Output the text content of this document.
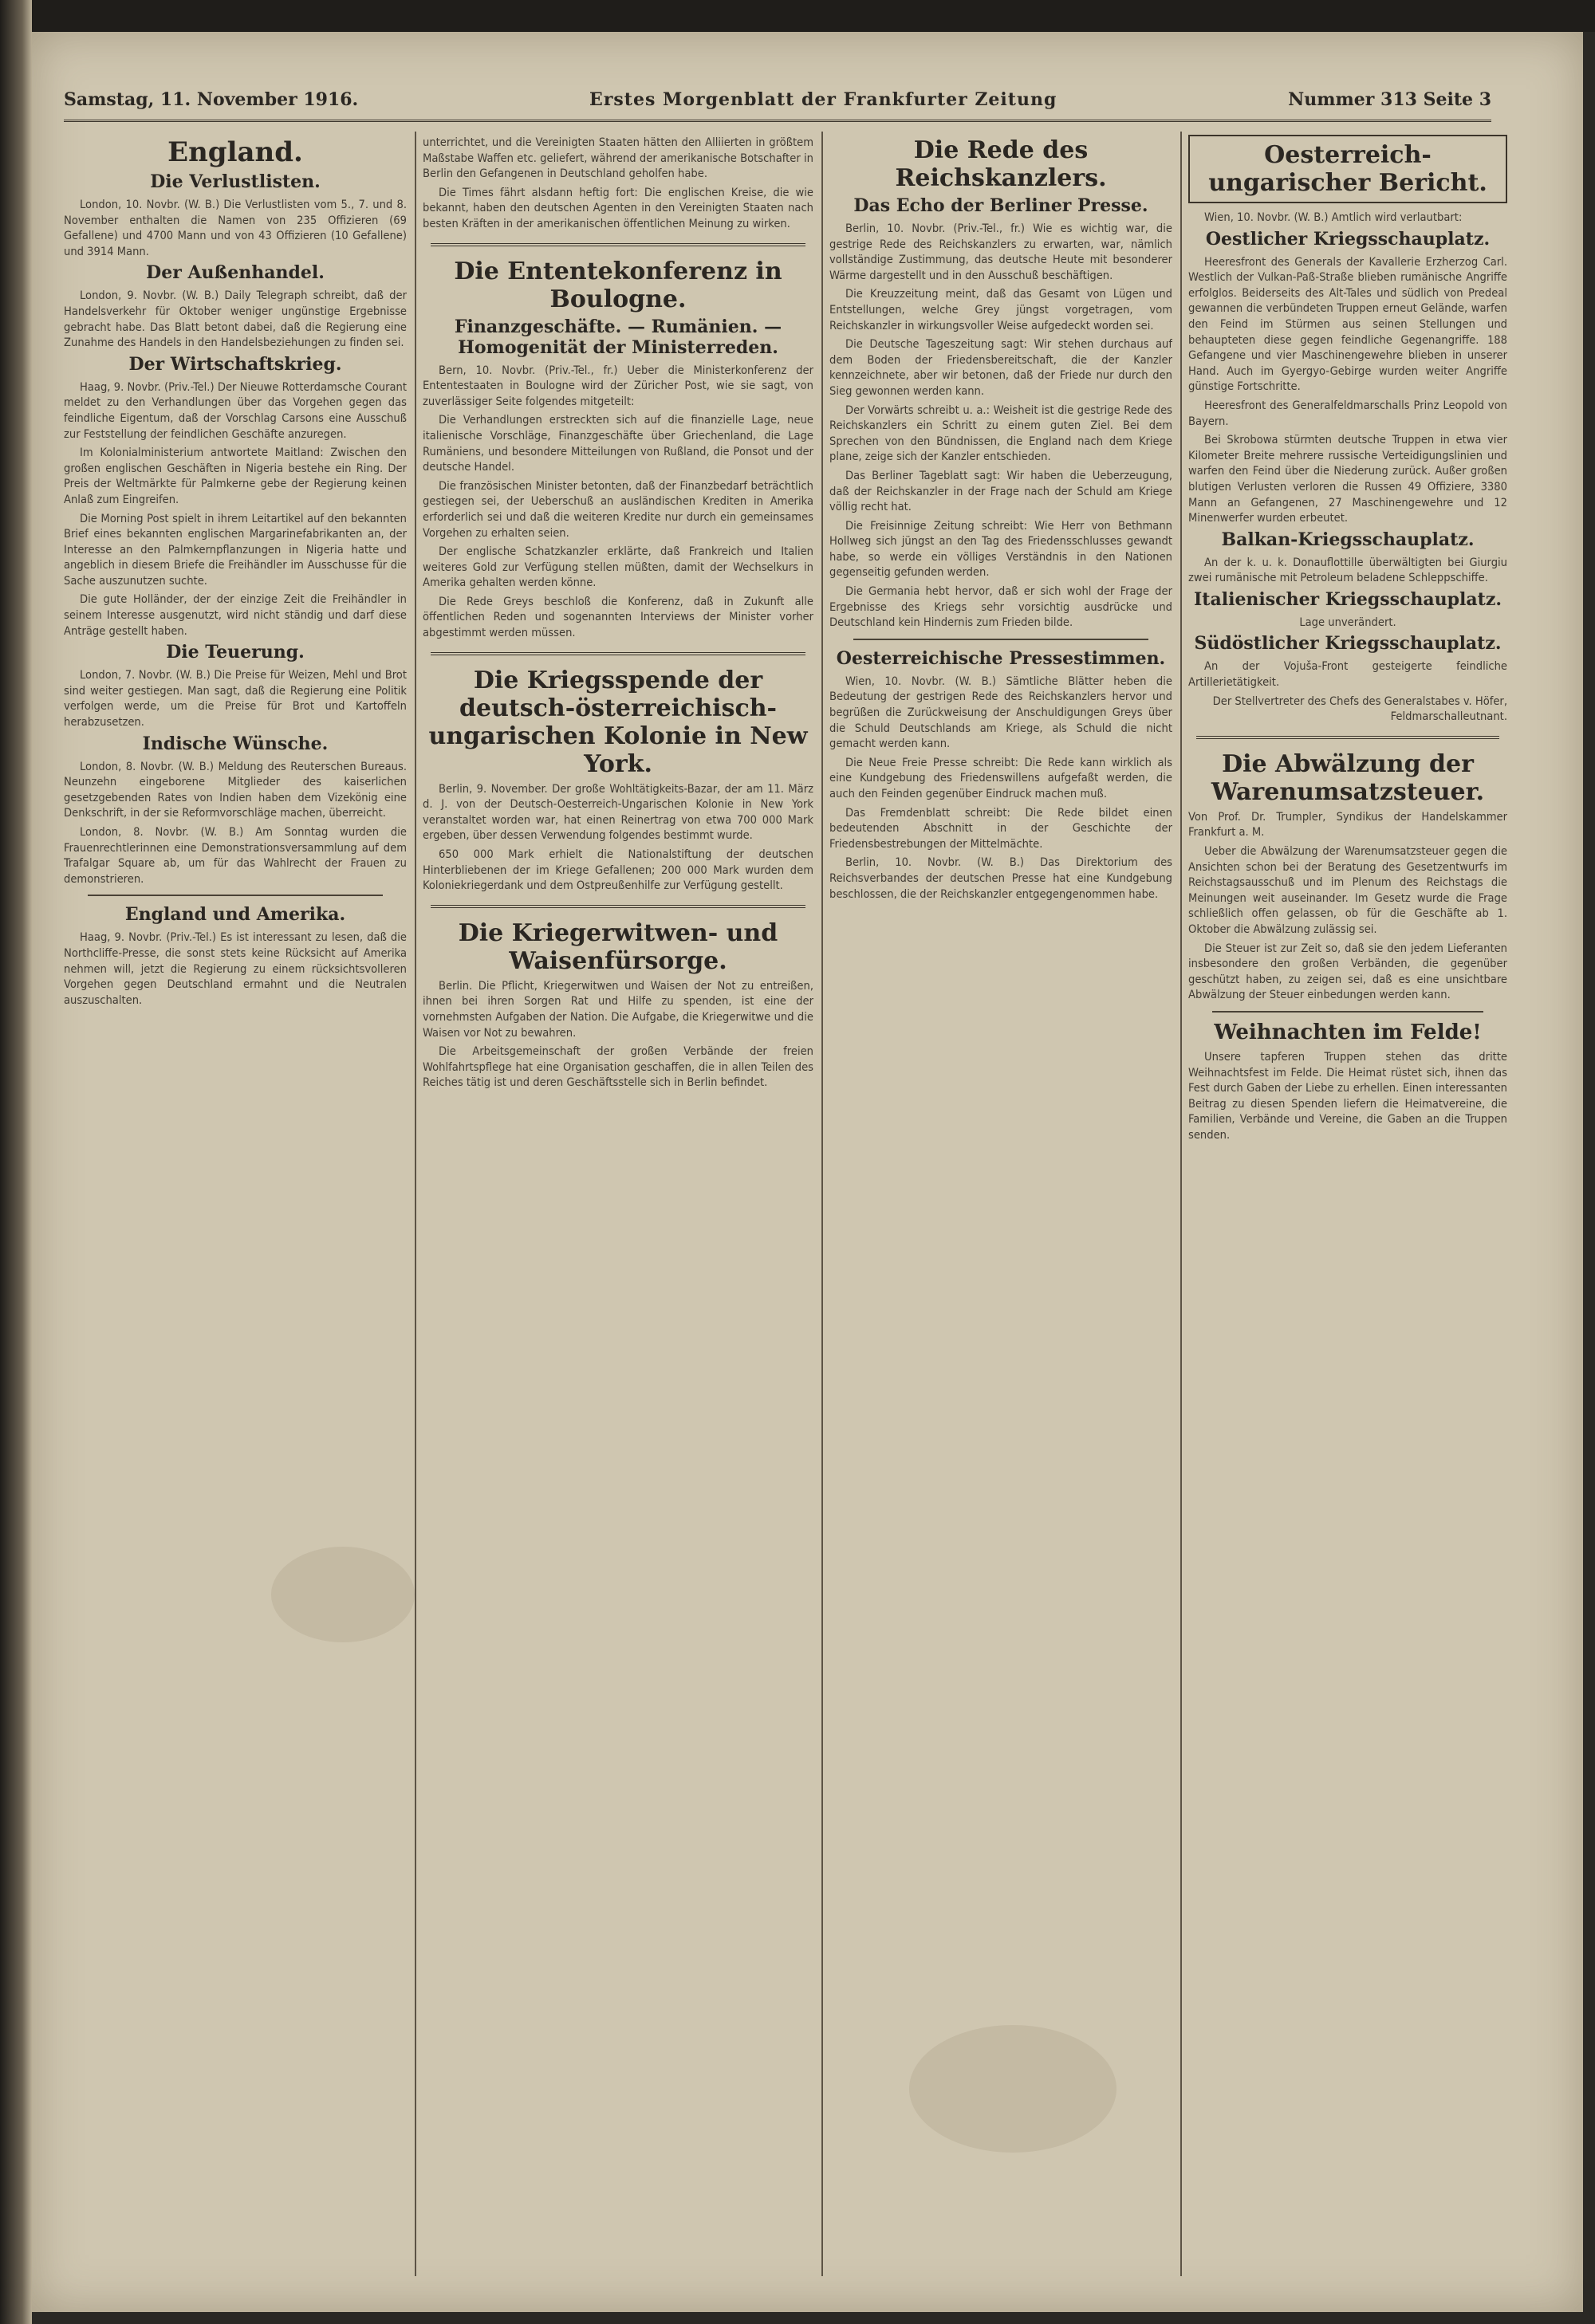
Samstag, 11. November 1916.	Erstes Morgenblatt der Frankfurter Zeitung	Nummer 313 Seite 3
England.
Die Verlustlisten.

London, 10. Novbr. (W. B.) Die Verlustlisten vom 5., 7. und 8. November enthalten die Namen von 235 Offizieren (69 Gefallene) und 4700 Mann und von 43 Offizieren (10 Gefallene) und 3914 Mann.

Der Außenhandel.

London, 9. Novbr. (W. B.) Daily Telegraph schreibt, daß der Handelsverkehr für Oktober weniger ungünstige Ergebnisse gebracht habe. Das Blatt betont dabei, daß die Regierung eine Zunahme des Handels in den Handelsbeziehungen zu finden sei.

Der Wirtschaftskrieg.

Haag, 9. Novbr. (Priv.-Tel.) Der Nieuwe Rotterdamsche Courant meldet zu den Verhandlungen über das Vorgehen gegen das feindliche Eigentum, daß der Vorschlag Carsons eine Ausschuß zur Feststellung der feindlichen Geschäfte anzuregen.

Im Kolonialministerium antwortete Maitland: Zwischen den großen englischen Geschäften in Nigeria bestehe ein Ring. Der Preis der Weltmärkte für Palmkerne gebe der Regierung keinen Anlaß zum Eingreifen.

Die Morning Post spielt in ihrem Leitartikel auf den bekannten Brief eines bekannten englischen Margarinefabrikanten an, der Interesse an den Palmkernpflanzungen in Nigeria hatte und angeblich in diesem Briefe die Freihändler im Ausschusse für die Sache auszunutzen suchte.

Die gute Holländer, der der einzige Zeit die Freihändler in seinem Interesse ausgenutzt, wird nicht ständig und darf diese Anträge gestellt haben.

Die Teuerung.

London, 7. Novbr. (W. B.) Die Preise für Weizen, Mehl und Brot sind weiter gestiegen. Man sagt, daß die Regierung eine Politik verfolgen werde, um die Preise für Brot und Kartoffeln herabzusetzen.

Indische Wünsche.

London, 8. Novbr. (W. B.) Meldung des Reuterschen Bureaus. Neunzehn eingeborene Mitglieder des kaiserlichen gesetzgebenden Rates von Indien haben dem Vizekönig eine Denkschrift, in der sie Reformvorschläge machen, überreicht.

London, 8. Novbr. (W. B.) Am Sonntag wurden die Frauenrechtlerinnen eine Demonstrationsversammlung auf dem Trafalgar Square ab, um für das Wahlrecht der Frauen zu demonstrieren.

England und Amerika.

Haag, 9. Novbr. (Priv.-Tel.) Es ist interessant zu lesen, daß die Northcliffe-Presse, die sonst stets keine Rücksicht auf Amerika nehmen will, jetzt die Regierung zu einem rücksichtsvolleren Vorgehen gegen Deutschland ermahnt und die Neutralen auszuschalten.

unterrichtet, und die Vereinigten Staaten hätten den Alliierten in größtem Maßstabe Waffen etc. geliefert, während der amerikanische Botschafter in Berlin den Gefangenen in Deutschland geholfen habe.

Die Times fährt alsdann heftig fort: Die englischen Kreise, die wie bekannt, haben den deutschen Agenten in den Vereinigten Staaten nach besten Kräften in der amerikanischen öffentlichen Meinung zu wirken.

Die Ententekonferenz in Boulogne.
Finanzgeschäfte. — Rumänien. — Homogenität der Ministerreden.

Bern, 10. Novbr. (Priv.-Tel., fr.) Ueber die Ministerkonferenz der Ententestaaten in Boulogne wird der Züricher Post, wie sie sagt, von zuverlässiger Seite folgendes mitgeteilt:

Die Verhandlungen erstreckten sich auf die finanzielle Lage, neue italienische Vorschläge, Finanzgeschäfte über Griechenland, die Lage Rumäniens, und besondere Mitteilungen von Rußland, die Ponsot und der deutsche Handel.

Die französischen Minister betonten, daß der Finanzbedarf beträchtlich gestiegen sei, der Ueberschuß an ausländischen Krediten in Amerika erforderlich sei und daß die weiteren Kredite nur durch ein gemeinsames Vorgehen zu erhalten seien.

Der englische Schatzkanzler erklärte, daß Frankreich und Italien weiteres Gold zur Verfügung stellen müßten, damit der Wechselkurs in Amerika gehalten werden könne.

Die Rede Greys beschloß die Konferenz, daß in Zukunft alle öffentlichen Reden und sogenannten Interviews der Minister vorher abgestimmt werden müssen.

Die Kriegsspende der deutsch-österreichisch-ungarischen Kolonie in New York.

Berlin, 9. November. Der große Wohltätigkeits-Bazar, der am 11. März d. J. von der Deutsch-Oesterreich-Ungarischen Kolonie in New York veranstaltet worden war, hat einen Reinertrag von etwa 700 000 Mark ergeben, über dessen Verwendung folgendes bestimmt wurde.

650 000 Mark erhielt die Nationalstiftung der deutschen Hinterbliebenen der im Kriege Gefallenen; 200 000 Mark wurden dem Koloniekriegerdank und dem Ostpreußenhilfe zur Verfügung gestellt.

Die Kriegerwitwen- und Waisenfürsorge.

Berlin. Die Pflicht, Kriegerwitwen und Waisen der Not zu entreißen, ihnen bei ihren Sorgen Rat und Hilfe zu spenden, ist eine der vornehmsten Aufgaben der Nation. Die Aufgabe, die Kriegerwitwe und die Waisen vor Not zu bewahren.

Die Arbeitsgemeinschaft der großen Verbände der freien Wohlfahrtspflege hat eine Organisation geschaffen, die in allen Teilen des Reiches tätig ist und deren Geschäftsstelle sich in Berlin befindet.

Die Rede des Reichskanzlers.
Das Echo der Berliner Presse.

Berlin, 10. Novbr. (Priv.-Tel., fr.) Wie es wichtig war, die gestrige Rede des Reichskanzlers zu erwarten, war, nämlich vollständige Zustimmung, das deutsche Heute mit besonderer Wärme dargestellt und in den Ausschuß beschäftigen.

Die Kreuzzeitung meint, daß das Gesamt von Lügen und Entstellungen, welche Grey jüngst vorgetragen, vom Reichskanzler in wirkungsvoller Weise aufgedeckt worden sei.

Die Deutsche Tageszeitung sagt: Wir stehen durchaus auf dem Boden der Friedensbereitschaft, die der Kanzler kennzeichnete, aber wir betonen, daß der Friede nur durch den Sieg gewonnen werden kann.

Der Vorwärts schreibt u. a.: Weisheit ist die gestrige Rede des Reichskanzlers ein Schritt zu einem guten Ziel. Bei dem Sprechen von den Bündnissen, die England nach dem Kriege plane, zeige sich der Kanzler entschieden.

Das Berliner Tageblatt sagt: Wir haben die Ueberzeugung, daß der Reichskanzler in der Frage nach der Schuld am Kriege völlig recht hat.

Die Freisinnige Zeitung schreibt: Wie Herr von Bethmann Hollweg sich jüngst an den Tag des Friedensschlusses gewandt habe, so werde ein völliges Verständnis in den Nationen gegenseitig gefunden werden.

Die Germania hebt hervor, daß er sich wohl der Frage der Ergebnisse des Kriegs sehr vorsichtig ausdrücke und Deutschland kein Hindernis zum Frieden bilde.

Oesterreichische Pressestimmen.

Wien, 10. Novbr. (W. B.) Sämtliche Blätter heben die Bedeutung der gestrigen Rede des Reichskanzlers hervor und begrüßen die Zurückweisung der Anschuldigungen Greys über die Schuld Deutschlands am Kriege, als Schuld die nicht gemacht werden kann.

Die Neue Freie Presse schreibt: Die Rede kann wirklich als eine Kundgebung des Friedenswillens aufgefaßt werden, die auch den Feinden gegenüber Eindruck machen muß.

Das Fremdenblatt schreibt: Die Rede bildet einen bedeutenden Abschnitt in der Geschichte der Friedensbestrebungen der Mittelmächte.

Berlin, 10. Novbr. (W. B.) Das Direktorium des Reichsverbandes der deutschen Presse hat eine Kundgebung beschlossen, die der Reichskanzler entgegengenommen habe.

Oesterreich-ungarischer Bericht.

Wien, 10. Novbr. (W. B.) Amtlich wird verlautbart:

Oestlicher Kriegsschauplatz.

Heeresfront des Generals der Kavallerie Erzherzog Carl. Westlich der Vulkan-Paß-Straße blieben rumänische Angriffe erfolglos. Beiderseits des Alt-Tales und südlich von Predeal gewannen die verbündeten Truppen erneut Gelände, warfen den Feind im Stürmen aus seinen Stellungen und behaupteten diese gegen feindliche Gegenangriffe. 188 Gefangene und vier Maschinengewehre blieben in unserer Hand. Auch im Gyergyo-Gebirge wurden weiter Angriffe günstige Fortschritte.

Heeresfront des Generalfeldmarschalls Prinz Leopold von Bayern.

Bei Skrobowa stürmten deutsche Truppen in etwa vier Kilometer Breite mehrere russische Verteidigungslinien und warfen den Feind über die Niederung zurück. Außer großen blutigen Verlusten verloren die Russen 49 Offiziere, 3380 Mann an Gefangenen, 27 Maschinengewehre und 12 Minenwerfer wurden erbeutet.

Balkan-Kriegsschauplatz.

An der k. u. k. Donauflottille überwältigten bei Giurgiu zwei rumänische mit Petroleum beladene Schleppschiffe.

Italienischer Kriegsschauplatz.

Lage unverändert.

Südöstlicher Kriegsschauplatz.

An der Vojuša-Front gesteigerte feindliche Artillerietätigkeit.

Der Stellvertreter des Chefs des Generalstabes v. Höfer, Feldmarschalleutnant.

Die Abwälzung der Warenumsatzsteuer.

Von Prof. Dr. Trumpler, Syndikus der Handelskammer Frankfurt a. M.

Ueber die Abwälzung der Warenumsatzsteuer gegen die Ansichten schon bei der Beratung des Gesetzentwurfs im Reichstagsausschuß und im Plenum des Reichstags die Meinungen weit auseinander. Im Gesetz wurde die Frage schließlich offen gelassen, ob für die Geschäfte ab 1. Oktober die Abwälzung zulässig sei.

Die Steuer ist zur Zeit so, daß sie den jedem Lieferanten insbesondere den großen Verbänden, die gegenüber geschützt haben, zu zeigen sei, daß es eine unsichtbare Abwälzung der Steuer einbedungen werden kann.

Weihnachten im Felde!

Unsere tapferen Truppen stehen das dritte Weihnachtsfest im Felde. Die Heimat rüstet sich, ihnen das Fest durch Gaben der Liebe zu erhellen. Einen interessanten Beitrag zu diesen Spenden liefern die Heimatvereine, die Familien, Verbände und Vereine, die Gaben an die Truppen senden.
